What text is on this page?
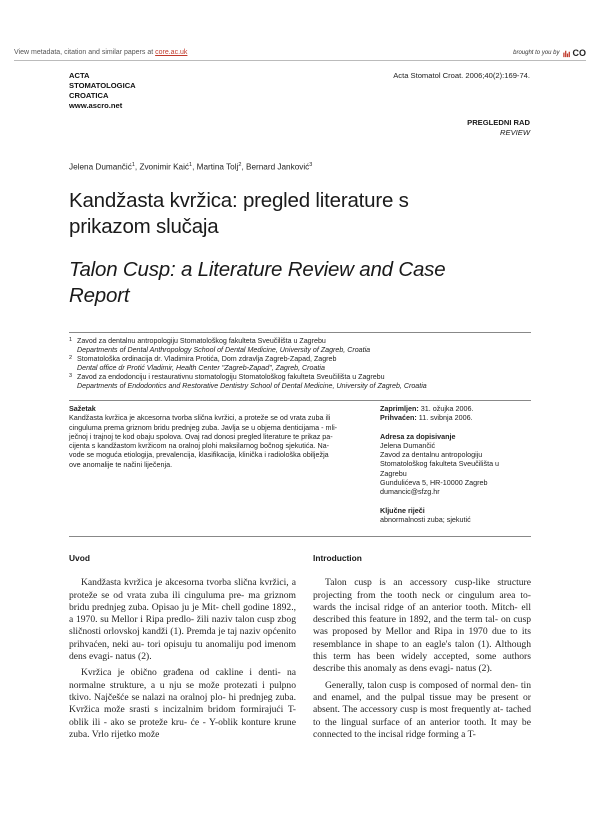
View metadata, citation and similar papers at core.ac.uk	brought to you by CO
ACTA
STOMATOLOGICA
CROATICA
www.ascro.net
Acta Stomatol Croat. 2006;40(2):169-74.
PREGLEDNI RAD
REVIEW
Jelena Dumančić$^1$, Zvonimir Kaić$^1$, Martina Tolj$^2$, Bernard Janković$^3$
Kandžasta kvržica: pregled literature s
prikazom slučaja
Talon Cusp: a Literature Review and Case
Report
1 Zavod za dentalnu antropologiju Stomatološkog fakulteta Sveučilišta u Zagrebu
Departments of Dental Anthropology School of Dental Medicine, University of Zagreb, Croatia
2 Stomatološka ordinacija dr. Vladimira Protića, Dom zdravlja Zagreb-Zapad, Zagreb
Dental office dr Protić Vladimir, Health Center "Zagreb-Zapad", Zagreb, Croatia
3 Zavod za endodonciju i restaurativnu stomatologiju Stomatološkog fakulteta Sveučilišta u Zagrebu
Departments of Endodontics and Restorative Dentistry School of Dental Medicine, University of Zagreb, Croatia
Sažetak
Kandžasta kvržica je akcesorna tvorba slična kvržici, a proteže se od vrata zuba ili
cinguluma prema griznom bridu prednjeg zuba. Javlja se u objema denticijama - mli-
ječnoj i trajnoj te kod obaju spolova. Ovaj rad donosi pregled literature te prikaz pa-
cijenta s kandžastom kvržicom na oralnoj plohi maksilarnog bočnog sjekutića. Na-
vode se moguća etiologija, prevalencija, klasifikacija, klinička i radiološka obilježja
ove anomalije te načini liječenja.
Zaprimljen: 31. ožujka 2006.
Prihvaćen: 11. svibnja 2006.
Adresa za dopisivanje
Jelena Dumančić
Zavod za dentalnu antropologiju
Stomatološkog fakulteta Sveučilišta u
Zagrebu
Gundulićeva 5, HR-10000 Zagreb
dumancic@sfzg.hr
Ključne riječi
abnormalnosti zuba; sjekutić
Uvod

Kandžasta kvržica je akcesorna tvorba slična kvržici, a proteže se od vrata zuba ili cinguluma pre- ma griznom bridu prednjeg zuba. Opisao ju je Mit- chell godine 1892., a 1970. su Mellor i Ripa predlo- žili naziv talon cusp zbog sličnosti orlovskoj kandži (1). Premda je taj naziv općenito prihvaćen, neki au- tori opisuju tu anomaliju pod imenom dens evagi- natus (2).

Kvržica je obično građena od cakline i denti- na normalne strukture, a u nju se može protezati i pulpno tkivo. Najčešće se nalazi na oralnoj plo- hi prednjeg zuba. Kvržica može srasti s incizalnim bridom formirajući T-oblik ili - ako se proteže kru- će - Y-oblik konture krune zuba. Vrlo rijetko može

Introduction

Talon cusp is an accessory cusp-like structure projecting from the tooth neck or cingulum area to- wards the incisal ridge of an anterior tooth. Mitch- ell described this feature in 1892, and the term tal- on cusp was proposed by Mellor and Ripa in 1970 due to its resemblance in shape to an eagle's talon (1). Although this term has been widely accepted, some authors describe this anomaly as dens evagi- natus (2).

Generally, talon cusp is composed of normal den- tin and enamel, and the pulpal tissue may be present or absent. The accessory cusp is most frequently at- tached to the lingual surface of an anterior tooth. It may be connected to the incisal ridge forming a T-
